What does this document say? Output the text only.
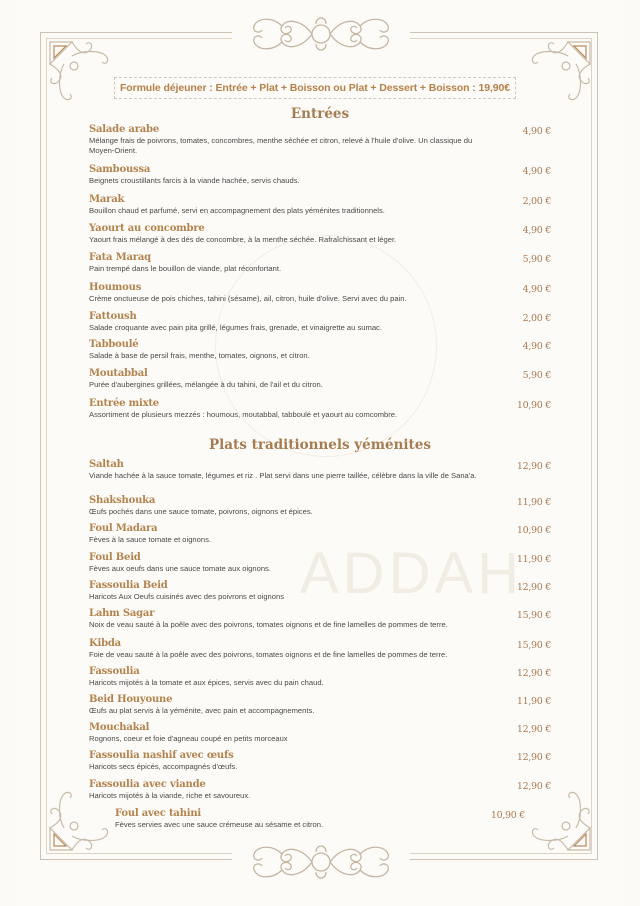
ADDAH
Formule déjeuner : Entrée + Plat + Boisson ou Plat + Dessert + Boisson : 19,90€
Entrées
Salade arabe
Mélange frais de poivrons, tomates, concombres, menthe séchée et citron, relevé à l'huile d'olive. Un classique du Moyen-Orient.
4,90 €
Samboussa
Beignets croustillants farcis à la viande hachée, servis chauds.
4,90 €
Marak
Bouillon chaud et parfumé, servi en accompagnement des plats yéménites traditionnels.
2,00 €
Yaourt au concombre
Yaourt frais mélangé à des dés de concombre, à la menthe séchée. Rafraîchissant et léger.
4,90 €
Fata Maraq
Pain trempé dans le bouillon de viande, plat réconfortant.
5,90 €
Houmous
Crème onctueuse de pois chiches, tahini (sésame), ail, citron, huile d'olive. Servi avec du pain.
4,90 €
Fattoush
Salade croquante avec pain pita grillé, légumes frais, grenade, et vinaigrette au sumac.
2,00 €
Tabboulé
Salade à base de persil frais, menthe, tomates, oignons, et citron.
4,90 €
Moutabbal
Purée d'aubergines grillées, mélangée à du tahini, de l'ail et du citron.
5,90 €
Entrée mixte
Assortiment de plusieurs mezzés : houmous, moutabbal, tabboulé et yaourt au comcombre.
10,90 €
Plats traditionnels yéménites
Saltah
Viande hachée à la sauce tomate, légumes et riz . Plat servi dans une pierre taillée, célèbre dans la ville de Sana'a.
12,90 €
Shakshouka
Œufs pochés dans une sauce tomate, poivrons, oignons et épices.
11,90 €
Foul Madara
Fèves à la sauce tomate et oignons.
10,90 €
Foul Beid
Fèves aux oeufs dans une sauce tomate aux oignons.
11,90 €
Fassoulia Beid
Haricots Aux Oeufs cuisinés avec des poivrons et oignons
12,90 €
Lahm Sagar
Noix de veau sauté à la poêle avec des poivrons, tomates oignons et de fine lamelles de pommes de terre.
15,90 €
Kibda
Foie de veau sauté à la poêle avec des poivrons, tomates oignons et de fine lamelles de pommes de terre.
15,90 €
Fassoulia
Haricots mijotés à la tomate et aux épices, servis avec du pain chaud.
12,90 €
Beid Houyoune
Œufs au plat servis à la yéménite, avec pain et accompagnements.
11,90 €
Mouchakal
Rognons, coeur et foie d'agneau coupé en petits morceaux
12,90 €
Fassoulia nashif avec œufs
Haricots secs épicés, accompagnés d'œufs.
12,90 €
Fassoulia avec viande
Haricots mijotés à la viande, riche et savoureux.
12,90 €
Foul avec tahini
Fèves servies avec une sauce crémeuse au sésame et citron.
10,90 €
